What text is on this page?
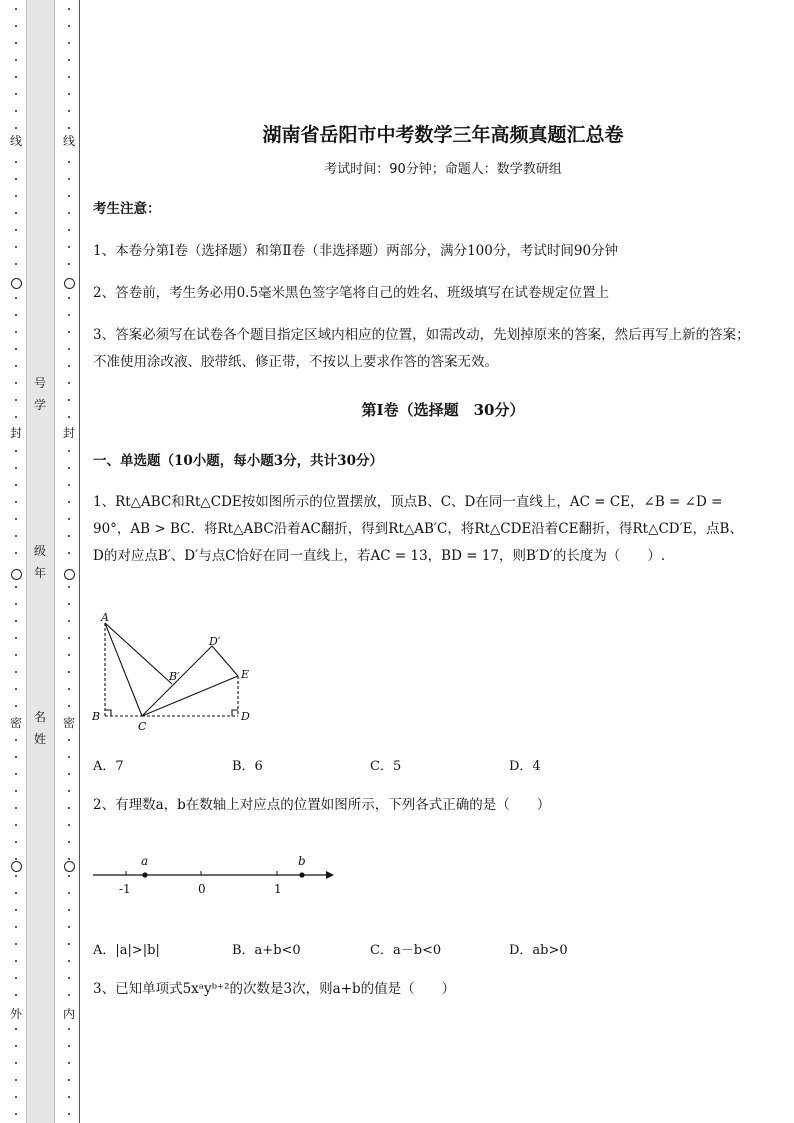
线
封
密
外
线
封
密
内
号学
级年
名姓
湖南省岳阳市中考数学三年高频真题汇总卷
考试时间：90分钟；命题人：数学教研组
考生注意：
1、本卷分第I卷（选择题）和第Ⅱ卷（非选择题）两部分，满分100分，考试时间90分钟
2、答卷前，考生务必用0.5毫米黑色签字笔将自己的姓名、班级填写在试卷规定位置上
3、答案必须写在试卷各个题目指定区域内相应的位置，如需改动，先划掉原来的答案，然后再写上新的答案；不准使用涂改液、胶带纸、修正带，不按以上要求作答的答案无效。
第I卷（选择题　30分）
一、单选题（10小题，每小题3分，共计30分）
1、Rt△ABC和Rt△CDE按如图所示的位置摆放，顶点B、C、D在同一直线上，AC = CE，∠B = ∠D = 90°，AB > BC．将Rt△ABC沿着AC翻折，得到Rt△AB′C，将Rt△CDE沿着CE翻折，得Rt△CD′E，点B、D的对应点B′、D′与点C恰好在同一直线上，若AC = 13，BD = 17，则B′D′的长度为（　　）.
A
B
C
D
E
B′
D′
A．7	B．6	C．5	D．4
2、有理数a，b在数轴上对应点的位置如图所示，下列各式正确的是（　　）
a	b
-1	0	1
A．|a|>|b|	B．a+b<0	C．a－b<0	D．ab>0
3、已知单项式5xᵃyᵇ⁺²的次数是3次，则a+b的值是（　　）
